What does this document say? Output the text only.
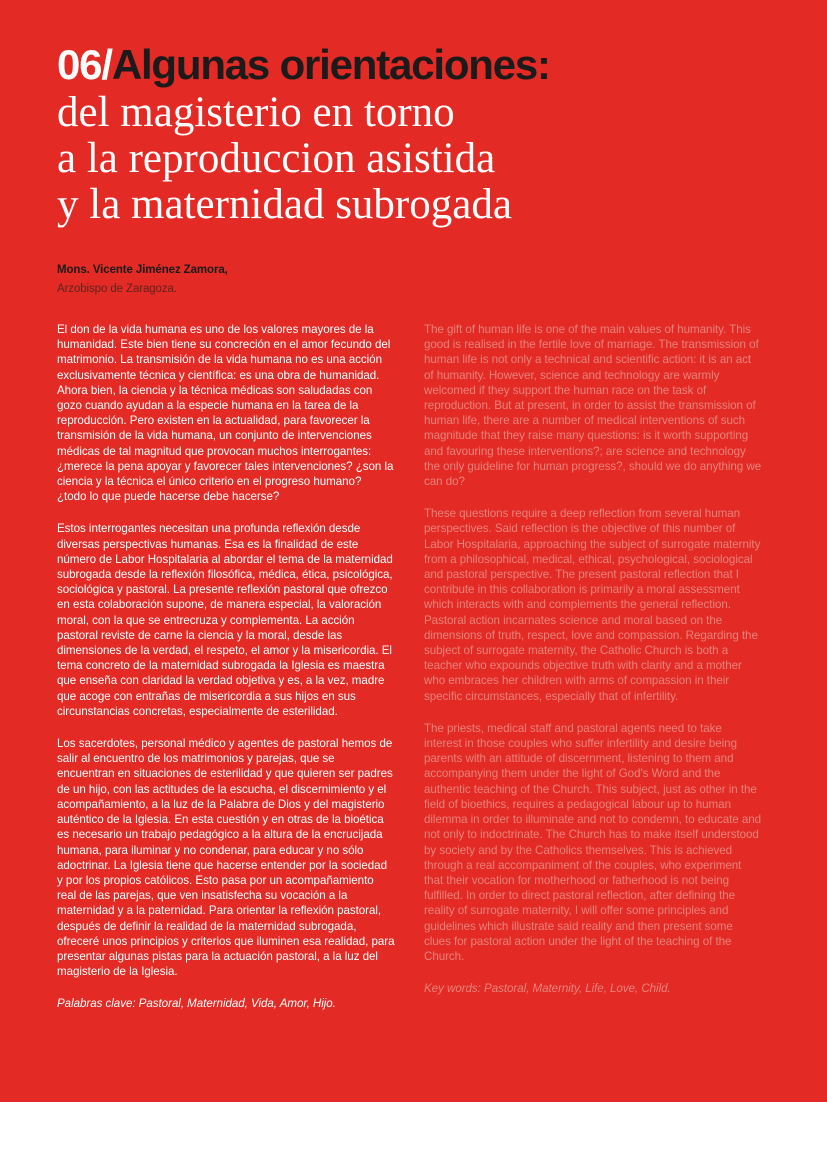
06/Algunas orientaciones:
del magisterio en torno
a la reproduccion asistida
y la maternidad subrogada
Mons. Vicente Jiménez Zamora,
Arzobispo de Zaragoza.

El don de la vida humana es uno de los valores mayores de la humanidad. Este bien tiene su concreción en el amor fecundo del matrimonio. La transmisión de la vida humana no es una acción exclusivamente técnica y científica: es una obra de humanidad. Ahora bien, la ciencia y la técnica médicas son saludadas con gozo cuando ayudan a la especie humana en la tarea de la reproducción. Pero existen en la actualidad, para favorecer la transmisión de la vida humana, un conjunto de intervenciones médicas de tal magnitud que provocan muchos interrogantes: ¿merece la pena apoyar y favorecer tales intervenciones? ¿son la ciencia y la técnica el único criterio en el progreso humano?

¿todo lo que puede hacerse debe hacerse?

Estos interrogantes necesitan una profunda reflexión desde diversas perspectivas humanas. Esa es la finalidad de este número de Labor Hospitalaria al abordar el tema de la maternidad subrogada desde la reflexión filosófica, médica, ética, psicológica, sociológica y pastoral. La presente reflexión pastoral que ofrezco en esta colaboración supone, de manera especial, la valoración moral, con la que se entrecruza y complementa. La acción pastoral reviste de carne la ciencia y la moral, desde las dimensiones de la verdad, el respeto, el amor y la misericordia. El tema concreto de la maternidad subrogada la Iglesia es maestra que enseña con claridad la verdad objetiva y es, a la vez, madre que acoge con entrañas de misericordia a sus hijos en sus circunstancias concretas, especialmente de esterilidad.

Los sacerdotes, personal médico y agentes de pastoral hemos de salir al encuentro de los matrimonios y parejas, que se encuentran en situaciones de esterilidad y que quieren ser padres de un hijo, con las actitudes de la escucha, el discernimiento y el acompañamiento, a la luz de la Palabra de Dios y del magisterio auténtico de la Iglesia. En esta cuestión y en otras de la bioética es necesario un trabajo pedagógico a la altura de la encrucijada humana, para iluminar y no condenar, para educar y no sólo adoctrinar. La Iglesia tiene que hacerse entender por la sociedad y por los propios católicos. Esto pasa por un acompañamiento real de las parejas, que ven insatisfecha su vocación a la maternidad y a la paternidad. Para orientar la reflexión pastoral, después de definir la realidad de la maternidad subrogada, ofreceré unos principios y criterios que iluminen esa realidad, para presentar algunas pistas para la actuación pastoral, a la luz del magisterio de la Iglesia.

Palabras clave: Pastoral, Maternidad, Vida, Amor, Hijo.

The gift of human life is one of the main values of humanity. This good is realised in the fertile love of marriage. The transmission of human life is not only a technical and scientific action: it is an act of humanity. However, science and technology are warmly welcomed if they support the human race on the task of reproduction. But at present, in order to assist the transmission of human life, there are a number of medical interventions of such magnitude that they raise many questions: is it worth supporting and favouring these interventions?; are science and technology the only guideline for human progress?, should we do anything we can do?

These questions require a deep reflection from several human perspectives. Said reflection is the objective of this number of Labor Hospitalaria, approaching the subject of surrogate maternity from a philosophical, medical, ethical, psychological, sociological and pastoral perspective. The present pastoral reflection that I contribute in this collaboration is primarily a moral assessment which interacts with and complements the general reflection. Pastoral action incarnates science and moral based on the dimensions of truth, respect, love and compassion. Regarding the subject of surrogate maternity, the Catholic Church is both a teacher who expounds objective truth with clarity and a mother who embraces her children with arms of compassion in their specific circumstances, especially that of infertility.

The priests, medical staff and pastoral agents need to take interest in those couples who suffer infertility and desire being parents with an attitude of discernment, listening to them and accompanying them under the light of God's Word and the authentic teaching of the Church. This subject, just as other in the field of bioethics, requires a pedagogical labour up to human dilemma in order to illuminate and not to condemn, to educate and not only to indoctrinate. The Church has to make itself understood by society and by the Catholics themselves. This is achieved through a real accompaniment of the couples, who experiment that their vocation for motherhood or fatherhood is not being fulfilled. In order to direct pastoral reflection, after defining the reality of surrogate maternity, I will offer some principles and guidelines which illustrate said reality and then present some clues for pastoral action under the light of the teaching of the Church.

Key words: Pastoral, Maternity, Life, Love, Child.
